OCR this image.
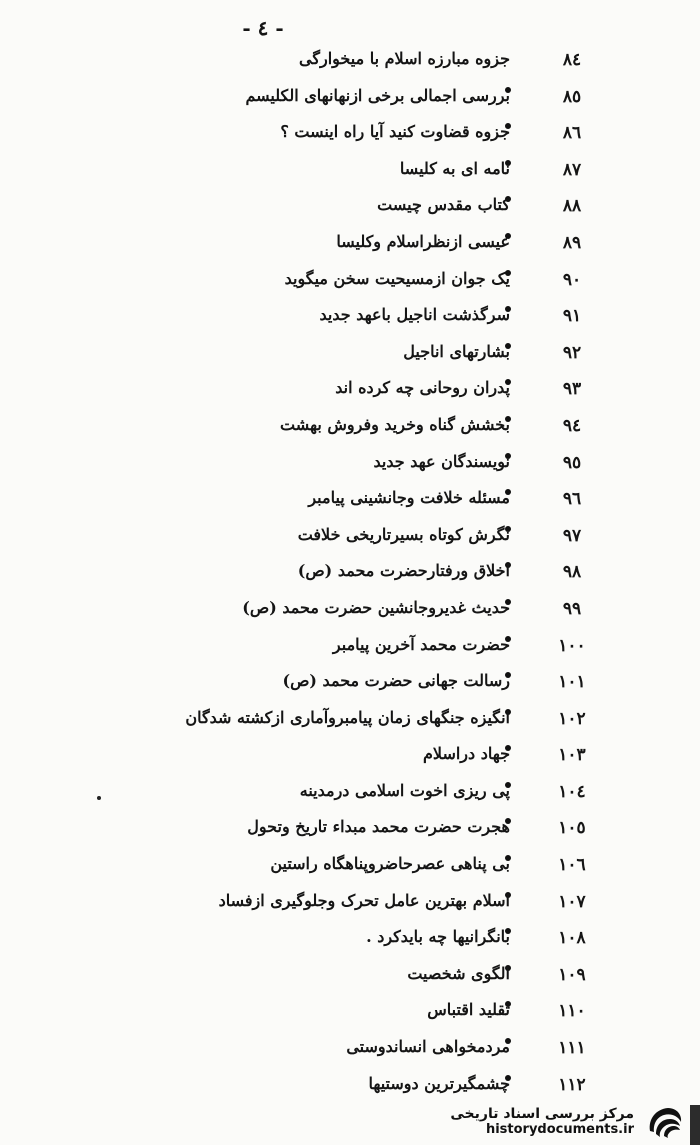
- ٤ -
٨٤
جزوه مبارزه اسلام با میخوارگی
٨٥
بررسی اجمالی برخی ازنهانهای الکلیسم
٨٦
جزوه قضاوت کنید آیا راه اینست ؟
٨٧
نامه ای به کلیسا
٨٨
کتاب مقدس چیست
٨٩
عیسی ازنظراسلام وکلیسا
٩٠
یک جوان ازمسیحیت سخن میگوید
٩١
سرگذشت اناجیل باعهد جدید
٩٢
بشارتهای اناجیل
٩٣
پدران روحانی چه کرده اند
٩٤
بخشش گناه وخرید وفروش بهشت
٩٥
نویسندگان عهد جدید
٩٦
مسئله خلافت وجانشینی پیامبر
٩٧
نگرش کوتاه بسیرتاریخی خلافت
٩٨
اخلاق ورفتارحضرت محمد (ص)
٩٩
حدیث غدیروجانشین حضرت محمد (ص)
١٠٠
حضرت محمد آخرین پیامبر
١٠١
رسالت جهانی حضرت محمد (ص)
١٠٢
انگیزه جنگهای زمان پیامبروآماری ازکشته شدگان
١٠٣
جهاد دراسلام
١٠٤
پی ریزی اخوت اسلامی درمدینه
١٠٥
هجرت حضرت محمد مبداء تاریخ وتحول
١٠٦
بی پناهی عصرحاضروپناهگاه راستین
١٠٧
اسلام بهترین عامل تحرک وجلوگیری ازفساد
١٠٨
بانگرانیها چه بایدکرد .
١٠٩
الگوی شخصیت
١١٠
تقلید اقتباس
١١١
مردمخواهی انساندوستی
١١٢
چشمگیرترین دوستیها
مرکز بررسی اسناد تاریخی
historydocuments.ir
